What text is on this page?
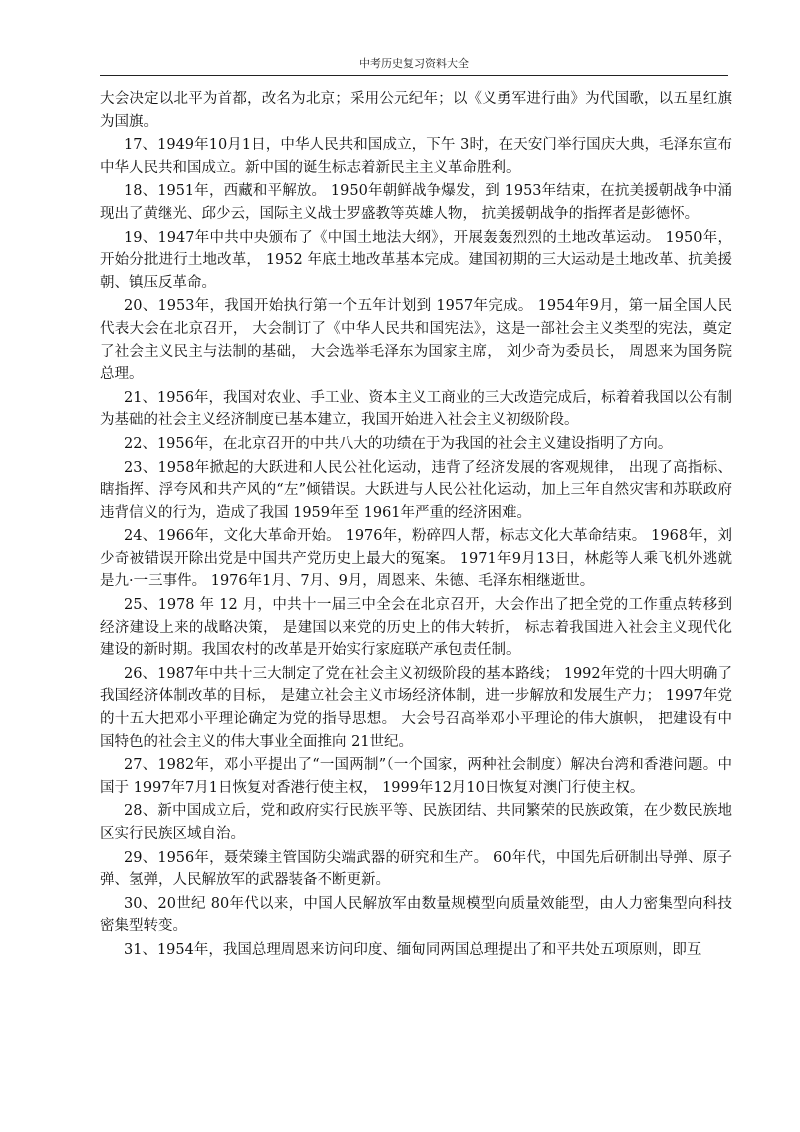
中考历史复习资料大全

大会决定以北平为首都，改名为北京；采用公元纪年；以《义勇军进行曲》为代国歌，以五星红旗为国旗。

17、1949年10月1日，中华人民共和国成立，下午 3时，在天安门举行国庆大典，毛泽东宣布中华人民共和国成立。新中国的诞生标志着新民主主义革命胜利。

18、1951年，西藏和平解放。 1950年朝鲜战争爆发，到 1953年结束，在抗美援朝战争中涌现出了黄继光、邱少云，国际主义战士罗盛教等英雄人物， 抗美援朝战争的指挥者是彭德怀。

19、1947年中共中央颁布了《中国土地法大纲》，开展轰轰烈烈的土地改革运动。 1950年，开始分批进行土地改革， 1952 年底土地改革基本完成。建国初期的三大运动是土地改革、抗美援朝、镇压反革命。

20、1953年，我国开始执行第一个五年计划到 1957年完成。 1954年9月，第一届全国人民代表大会在北京召开， 大会制订了《中华人民共和国宪法》，这是一部社会主义类型的宪法，奠定了社会主义民主与法制的基础， 大会选举毛泽东为国家主席， 刘少奇为委员长， 周恩来为国务院总理。

21、1956年，我国对农业、手工业、资本主义工商业的三大改造完成后，标着着我国以公有制为基础的社会主义经济制度已基本建立，我国开始进入社会主义初级阶段。

22、1956年，在北京召开的中共八大的功绩在于为我国的社会主义建设指明了方向。

23、1958年掀起的大跃进和人民公社化运动，违背了经济发展的客观规律， 出现了高指标、瞎指挥、浮夸风和共产风的“左”倾错误。大跃进与人民公社化运动，加上三年自然灾害和苏联政府违背信义的行为，造成了我国 1959年至 1961年严重的经济困难。

24、1966年，文化大革命开始。 1976年，粉碎四人帮，标志文化大革命结束。 1968年，刘少奇被错误开除出党是中国共产党历史上最大的冤案。 1971年9月13日，林彪等人乘飞机外逃就是九·一三事件。 1976年1月、7月、9月，周恩来、朱德、毛泽东相继逝世。

25、1978 年 12 月，中共十一届三中全会在北京召开，大会作出了把全党的工作重点转移到经济建设上来的战略决策， 是建国以来党的历史上的伟大转折， 标志着我国进入社会主义现代化建设的新时期。我国农村的改革是开始实行家庭联产承包责任制。

26、1987年中共十三大制定了党在社会主义初级阶段的基本路线； 1992年党的十四大明确了我国经济体制改革的目标， 是建立社会主义市场经济体制，进一步解放和发展生产力； 1997年党的十五大把邓小平理论确定为党的指导思想。 大会号召高举邓小平理论的伟大旗帜， 把建设有中国特色的社会主义的伟大事业全面推向 21世纪。

27、1982年，邓小平提出了“一国两制”（一个国家，两种社会制度）解决台湾和香港问题。中国于 1997年7月1日恢复对香港行使主权， 1999年12月10日恢复对澳门行使主权。

28、新中国成立后，党和政府实行民族平等、民族团结、共同繁荣的民族政策，在少数民族地区实行民族区域自治。

29、1956年，聂荣臻主管国防尖端武器的研究和生产。 60年代，中国先后研制出导弹、原子弹、氢弹，人民解放军的武器装备不断更新。

30、20世纪 80年代以来，中国人民解放军由数量规模型向质量效能型，由人力密集型向科技密集型转变。

31、1954年，我国总理周恩来访问印度、缅甸同两国总理提出了和平共处五项原则，即互
